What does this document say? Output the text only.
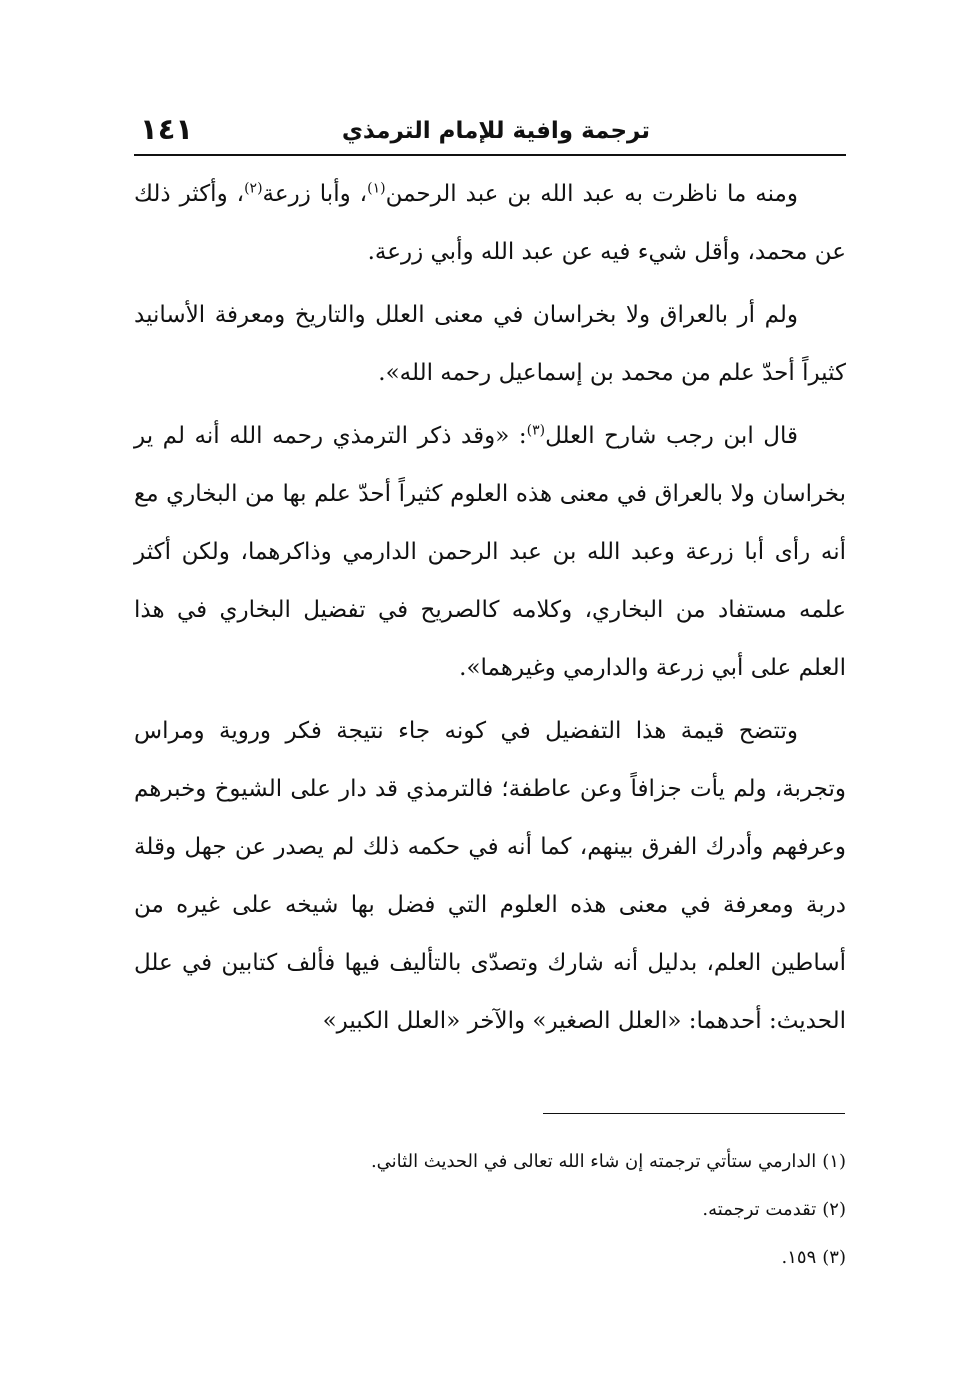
ترجمة وافية للإمام الترمذي
١٤١

ومنه ما ناظرت به عبد الله بن عبد الرحمن$^{(١)}$، وأبا زرعة$^{(٢)}$، وأكثر ذلك عن محمد، وأقل شيء فيه عن عبد الله وأبي زرعة.

ولم أر بالعراق ولا بخراسان في معنى العلل والتاريخ ومعرفة الأسانيد كثيراً أحدّ علم من محمد بن إسماعيل رحمه الله».

قال ابن رجب شارح العلل$^{(٣)}$: «وقد ذكر الترمذي رحمه الله أنه لم ير بخراسان ولا بالعراق في معنى هذه العلوم كثيراً أحدّ علم بها من البخاري مع أنه رأى أبا زرعة وعبد الله بن عبد الرحمن الدارمي وذاكرهما، ولكن أكثر علمه مستفاد من البخاري، وكلامه كالصريح في تفضيل البخاري في هذا العلم على أبي زرعة والدارمي وغيرهما».

وتتضح قيمة هذا التفضيل في كونه جاء نتيجة فكر وروية ومراس وتجربة، ولم يأت جزافاً وعن عاطفة؛ فالترمذي قد دار على الشيوخ وخبرهم وعرفهم وأدرك الفرق بينهم، كما أنه في حكمه ذلك لم يصدر عن جهل وقلة دربة ومعرفة في معنى هذه العلوم التي فضل بها شيخه على غيره من أساطين العلم، بدليل أنه شارك وتصدّى بالتأليف فيها فألف كتابين في علل الحديث: أحدهما: «العلل الصغير» والآخر «العلل الكبير»

(١)الدارمي ستأتي ترجمته إن شاء الله تعالى في الحديث الثاني.
(٢)تقدمت ترجمته.
(٣)١٥٩.
